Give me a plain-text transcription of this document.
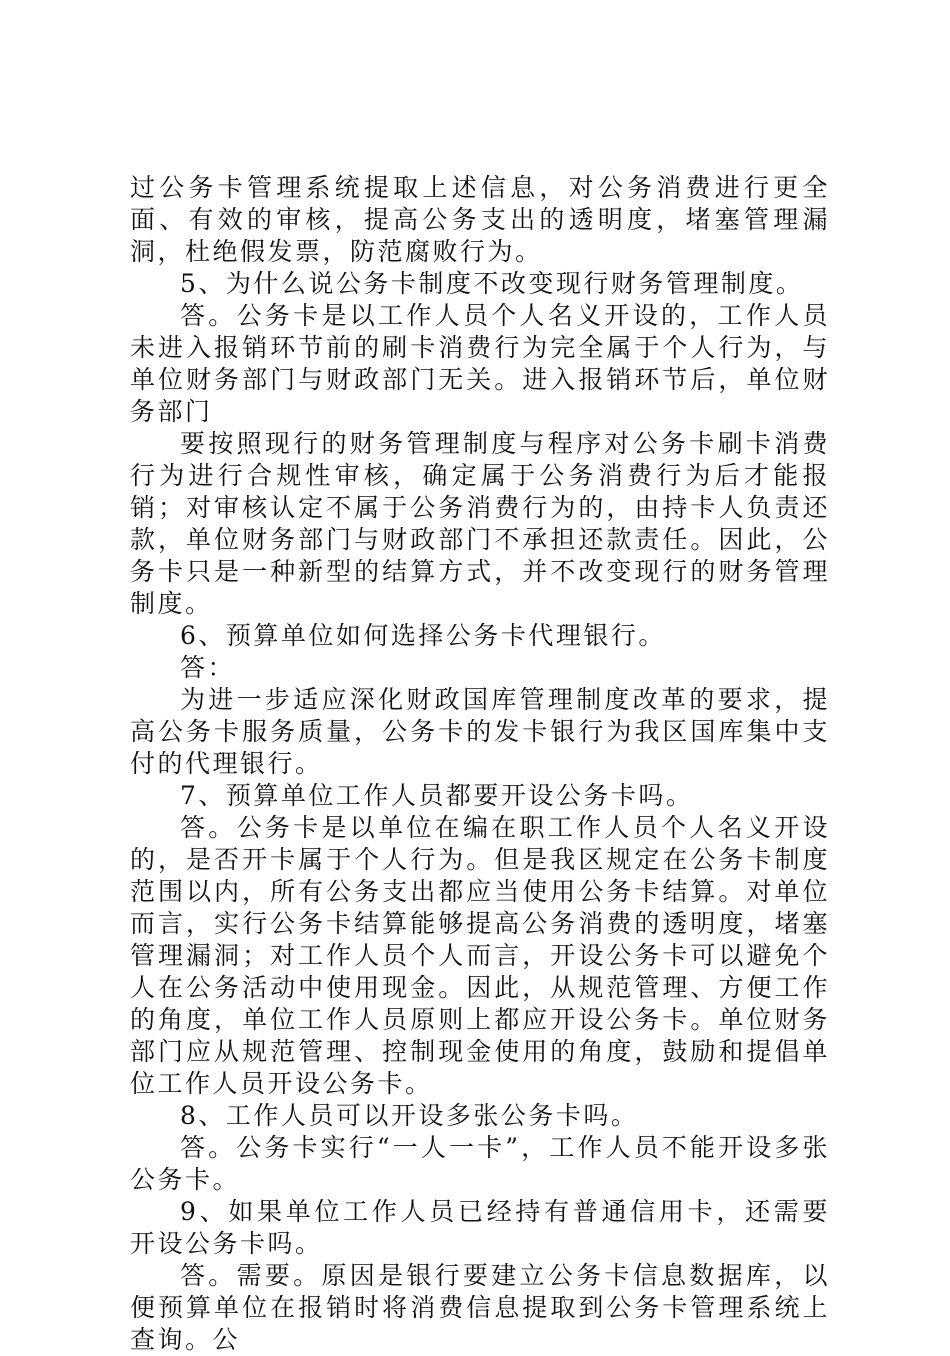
过公务卡管理系统提取上述信息，对公务消费进行更全面、有效的审核，提高公务支出的透明度，堵塞管理漏洞，杜绝假发票，防范腐败行为。

5、为什么说公务卡制度不改变现行财务管理制度。

答。公务卡是以工作人员个人名义开设的，工作人员未进入报销环节前的刷卡消费行为完全属于个人行为，与单位财务部门与财政部门无关。进入报销环节后，单位财务部门

要按照现行的财务管理制度与程序对公务卡刷卡消费行为进行合规性审核，确定属于公务消费行为后才能报销；对审核认定不属于公务消费行为的，由持卡人负责还款，单位财务部门与财政部门不承担还款责任。因此，公务卡只是一种新型的结算方式，并不改变现行的财务管理制度。

6、预算单位如何选择公务卡代理银行。

答：

为进一步适应深化财政国库管理制度改革的要求，提高公务卡服务质量，公务卡的发卡银行为我区国库集中支付的代理银行。

7、预算单位工作人员都要开设公务卡吗。

答。公务卡是以单位在编在职工作人员个人名义开设的，是否开卡属于个人行为。但是我区规定在公务卡制度范围以内，所有公务支出都应当使用公务卡结算。对单位而言，实行公务卡结算能够提高公务消费的透明度，堵塞管理漏洞；对工作人员个人而言，开设公务卡可以避免个人在公务活动中使用现金。因此，从规范管理、方便工作的角度，单位工作人员原则上都应开设公务卡。单位财务部门应从规范管理、控制现金使用的角度，鼓励和提倡单位工作人员开设公务卡。

8、工作人员可以开设多张公务卡吗。

答。公务卡实行“一人一卡”，工作人员不能开设多张公务卡。

9、如果单位工作人员已经持有普通信用卡，还需要开设公务卡吗。

答。需要。原因是银行要建立公务卡信息数据库，以便预算单位在报销时将消费信息提取到公务卡管理系统上查询。公
